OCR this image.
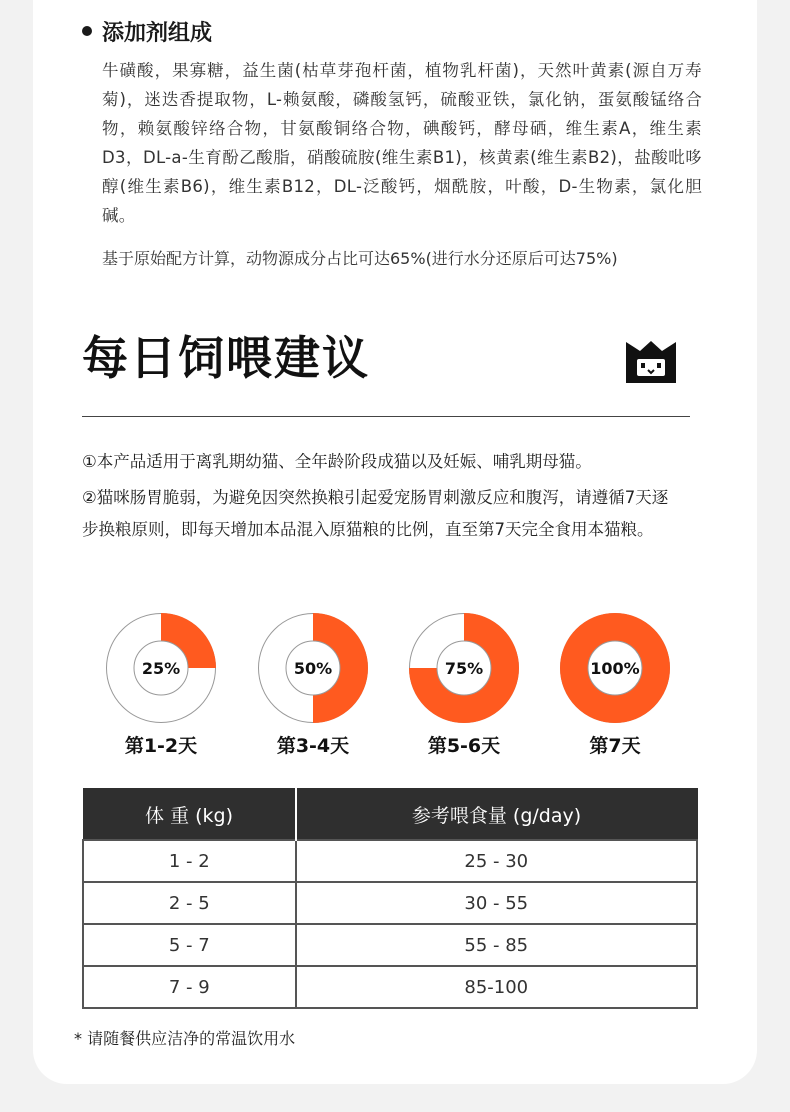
添加剂组成
牛磺酸，果寡糖，益生菌(枯草芽孢杆菌，植物乳杆菌)，天然叶黄素(源自万寿菊)，迷迭香提取物，L-赖氨酸，磷酸氢钙，硫酸亚铁，氯化钠，蛋氨酸锰络合物，赖氨酸锌络合物，甘氨酸铜络合物，碘酸钙，酵母硒，维生素A，维生素D3，DL-a-生育酚乙酸脂，硝酸硫胺(维生素B1)，核黄素(维生素B2)，盐酸吡哆醇(维生素B6)，维生素B12，DL-泛酸钙，烟酰胺，叶酸，D-生物素，氯化胆碱。
基于原始配方计算，动物源成分占比可达65%(进行水分还原后可达75%)
每日饲喂建议
①本产品适用于离乳期幼猫、全年龄阶段成猫以及妊娠、哺乳期母猫。
②猫咪肠胃脆弱，为避免因突然换粮引起爱宠肠胃刺激反应和腹泻，请遵循7天逐步换粮原则，即每天增加本品混入原猫粮的比例，直至第7天完全食用本猫粮。
25%
第1-2天
50%
第3-4天
75%
第5-6天
100%
第7天
体 重 (kg)	参考喂食量 (g/day)
1 - 2	25 - 30
2 - 5	30 - 55
5 - 7	55 - 85
7 - 9	85-100
* 请随餐供应洁净的常温饮用水
